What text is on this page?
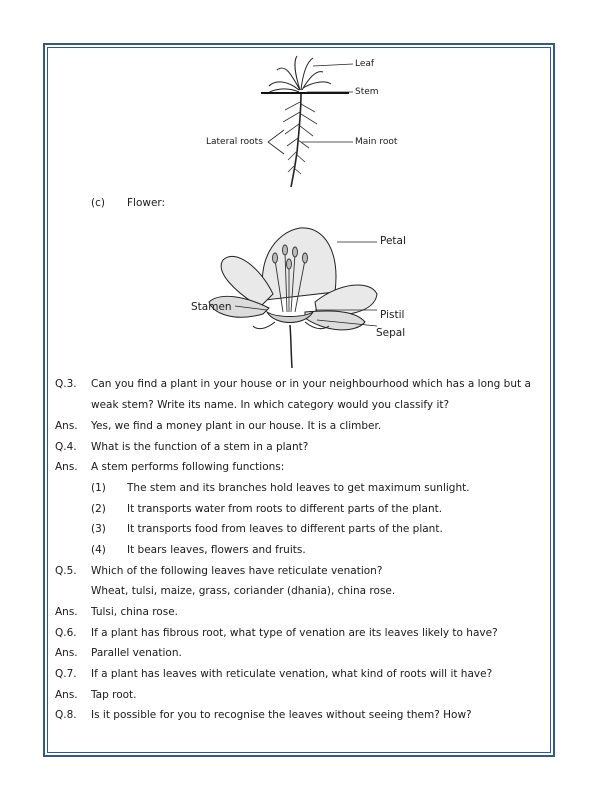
Leaf
Stem
Main root
Lateral roots
(c) Flower:
Petal
Stamen
Pistil
Sepal
Q.3. Can you find a plant in your house or in your neighbourhood which has a long but a
weak stem? Write its name. In which category would you classify it?
Ans. Yes, we find a money plant in our house. It is a climber.
Q.4. What is the function of a stem in a plant?
Ans. A stem performs following functions:
(1) The stem and its branches hold leaves to get maximum sunlight.
(2) It transports water from roots to different parts of the plant.
(3) It transports food from leaves to different parts of the plant.
(4) It bears leaves, flowers and fruits.
Q.5. Which of the following leaves have reticulate venation?
Wheat, tulsi, maize, grass, coriander (dhania), china rose.
Ans. Tulsi, china rose.
Q.6. If a plant has fibrous root, what type of venation are its leaves likely to have?
Ans. Parallel venation.
Q.7. If a plant has leaves with reticulate venation, what kind of roots will it have?
Ans. Tap root.
Q.8. Is it possible for you to recognise the leaves without seeing them? How?
